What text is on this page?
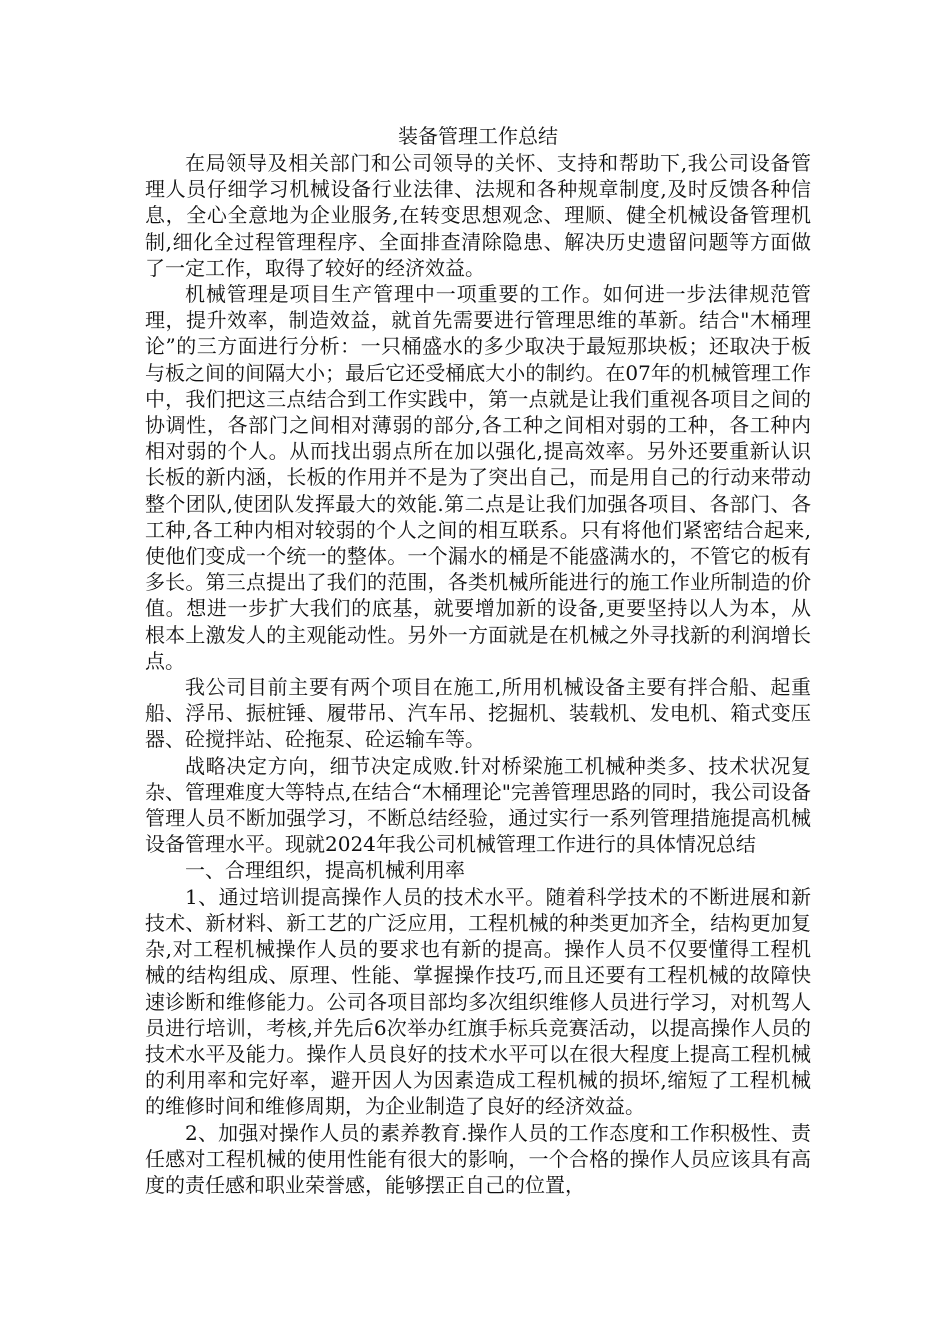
装备管理工作总结

在局领导及相关部门和公司领导的关怀、支持和帮助下,我公司设备管理人员仔细学习机械设备行业法律、法规和各种规章制度,及时反馈各种信息，全心全意地为企业服务,在转变思想观念、理顺、健全机械设备管理机制,细化全过程管理程序、全面排查清除隐患、解决历史遗留问题等方面做了一定工作，取得了较好的经济效益。

机械管理是项目生产管理中一项重要的工作。如何进一步法律规范管理，提升效率，制造效益，就首先需要进行管理思维的革新。结合"木桶理论”的三方面进行分析：一只桶盛水的多少取决于最短那块板；还取决于板与板之间的间隔大小；最后它还受桶底大小的制约。在07年的机械管理工作中，我们把这三点结合到工作实践中，第一点就是让我们重视各项目之间的协调性，各部门之间相对薄弱的部分,各工种之间相对弱的工种，各工种内相对弱的个人。从而找出弱点所在加以强化,提高效率。另外还要重新认识长板的新内涵，长板的作用并不是为了突出自己，而是用自己的行动来带动整个团队,使团队发挥最大的效能.第二点是让我们加强各项目、各部门、各工种,各工种内相对较弱的个人之间的相互联系。只有将他们紧密结合起来,使他们变成一个统一的整体。一个漏水的桶是不能盛满水的，不管它的板有多长。第三点提出了我们的范围，各类机械所能进行的施工作业所制造的价值。想进一步扩大我们的底基，就要增加新的设备,更要坚持以人为本，从根本上激发人的主观能动性。另外一方面就是在机械之外寻找新的利润增长点。

我公司目前主要有两个项目在施工,所用机械设备主要有拌合船、起重船、浮吊、振桩锤、履带吊、汽车吊、挖掘机、装载机、发电机、箱式变压器、砼搅拌站、砼拖泵、砼运输车等。

战略决定方向，细节决定成败.针对桥梁施工机械种类多、技术状况复杂、管理难度大等特点,在结合“木桶理论"完善管理思路的同时，我公司设备管理人员不断加强学习，不断总结经验，通过实行一系列管理措施提高机械设备管理水平。现就2024年我公司机械管理工作进行的具体情况总结

一、合理组织，提高机械利用率

1、通过培训提高操作人员的技术水平。随着科学技术的不断进展和新技术、新材料、新工艺的广泛应用，工程机械的种类更加齐全，结构更加复杂,对工程机械操作人员的要求也有新的提高。操作人员不仅要懂得工程机械的结构组成、原理、性能、掌握操作技巧,而且还要有工程机械的故障快速诊断和维修能力。公司各项目部均多次组织维修人员进行学习，对机驾人员进行培训，考核,并先后6次举办红旗手标兵竞赛活动，以提高操作人员的技术水平及能力。操作人员良好的技术水平可以在很大程度上提高工程机械的利用率和完好率，避开因人为因素造成工程机械的损坏,缩短了工程机械的维修时间和维修周期，为企业制造了良好的经济效益。

2、加强对操作人员的素养教育.操作人员的工作态度和工作积极性、责任感对工程机械的使用性能有很大的影响，一个合格的操作人员应该具有高度的责任感和职业荣誉感，能够摆正自己的位置，
